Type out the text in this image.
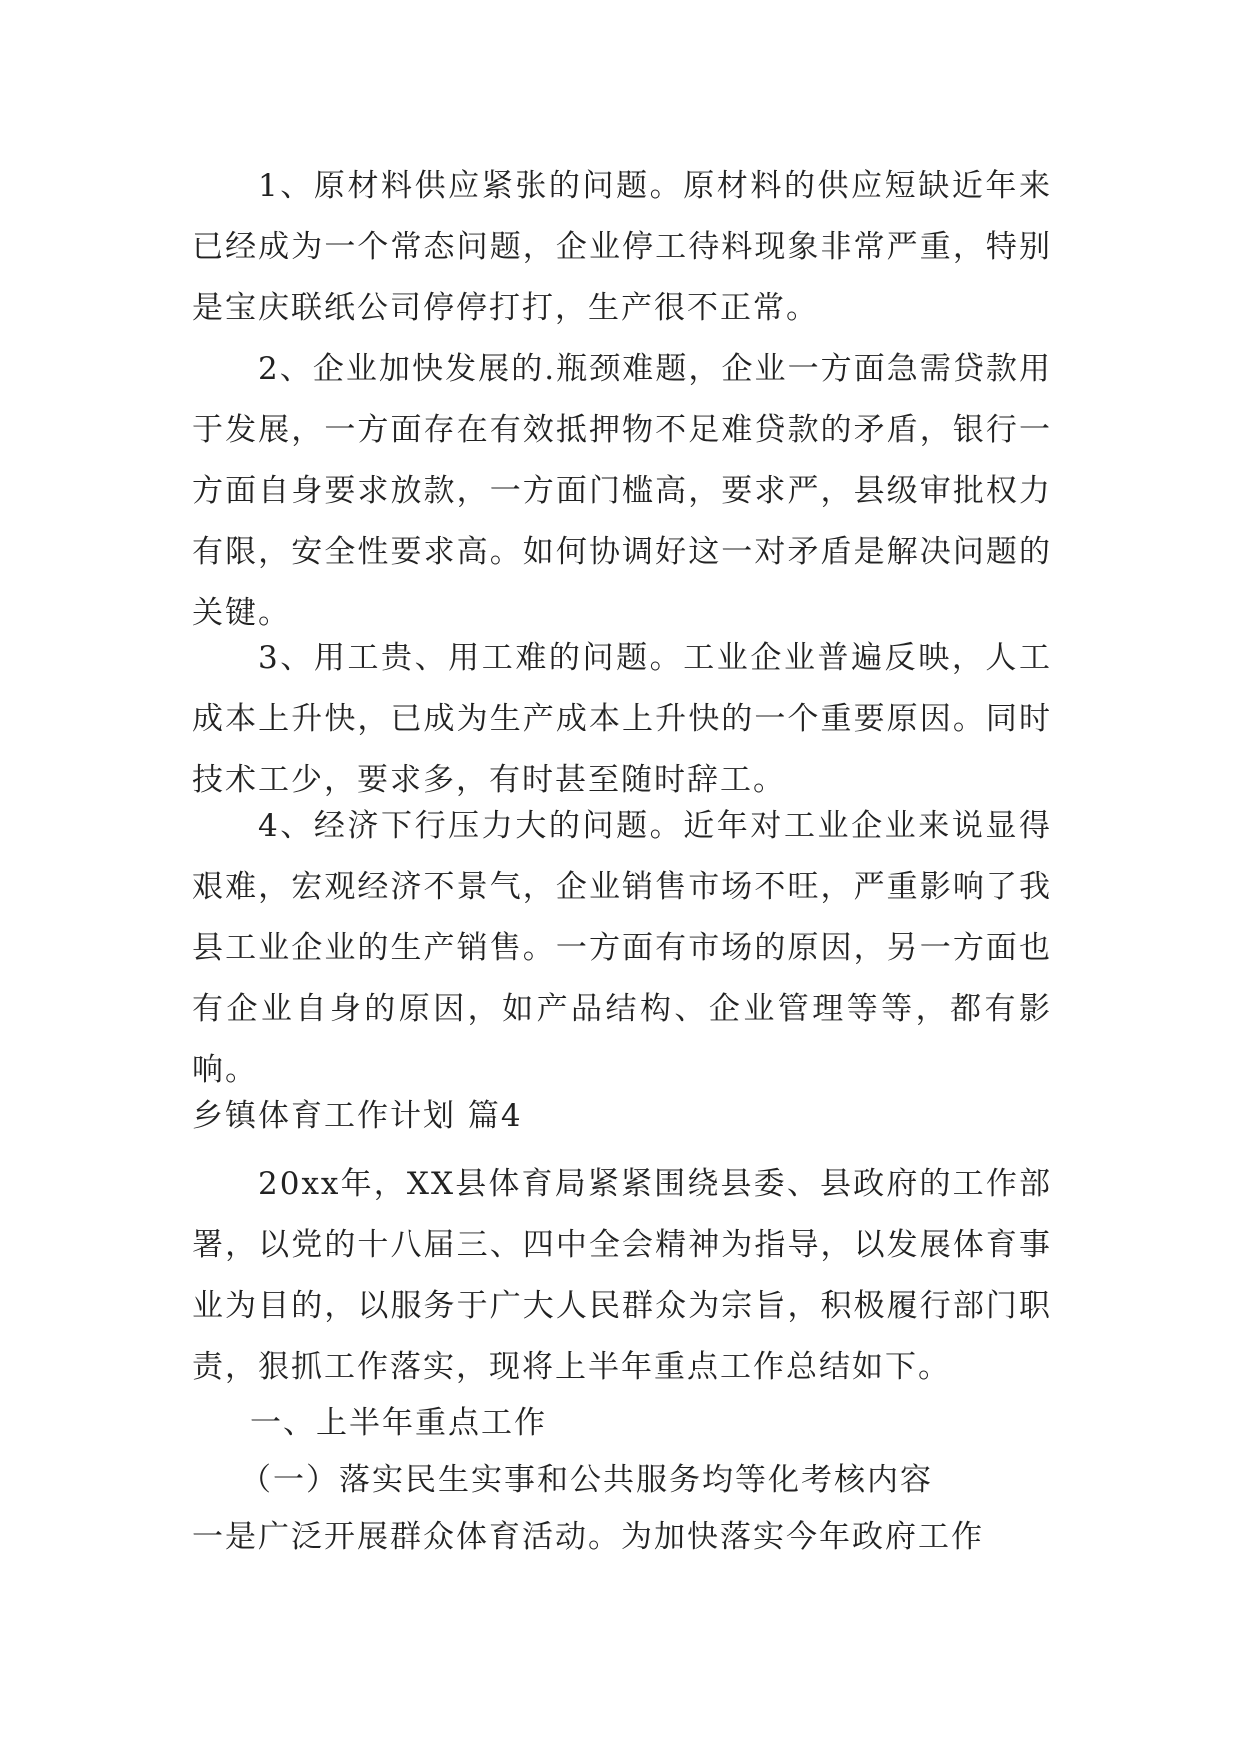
1、原材料供应紧张的问题。原材料的供应短缺近年来已经成为一个常态问题，企业停工待料现象非常严重，特别是宝庆联纸公司停停打打，生产很不正常。

2、企业加快发展的.瓶颈难题，企业一方面急需贷款用于发展，一方面存在有效抵押物不足难贷款的矛盾，银行一方面自身要求放款，一方面门槛高，要求严，县级审批权力有限，安全性要求高。如何协调好这一对矛盾是解决问题的关键。

3、用工贵、用工难的问题。工业企业普遍反映，人工成本上升快，已成为生产成本上升快的一个重要原因。同时技术工少，要求多，有时甚至随时辞工。

4、经济下行压力大的问题。近年对工业企业来说显得艰难，宏观经济不景气，企业销售市场不旺，严重影响了我县工业企业的生产销售。一方面有市场的原因，另一方面也有企业自身的原因，如产品结构、企业管理等等，都有影响。

乡镇体育工作计划 篇4

20xx年，XX县体育局紧紧围绕县委、县政府的工作部署，以党的十八届三、四中全会精神为指导，以发展体育事业为目的，以服务于广大人民群众为宗旨，积极履行部门职责，狠抓工作落实，现将上半年重点工作总结如下。

一、上半年重点工作

（一）落实民生实事和公共服务均等化考核内容

一是广泛开展群众体育活动。为加快落实今年政府工作
